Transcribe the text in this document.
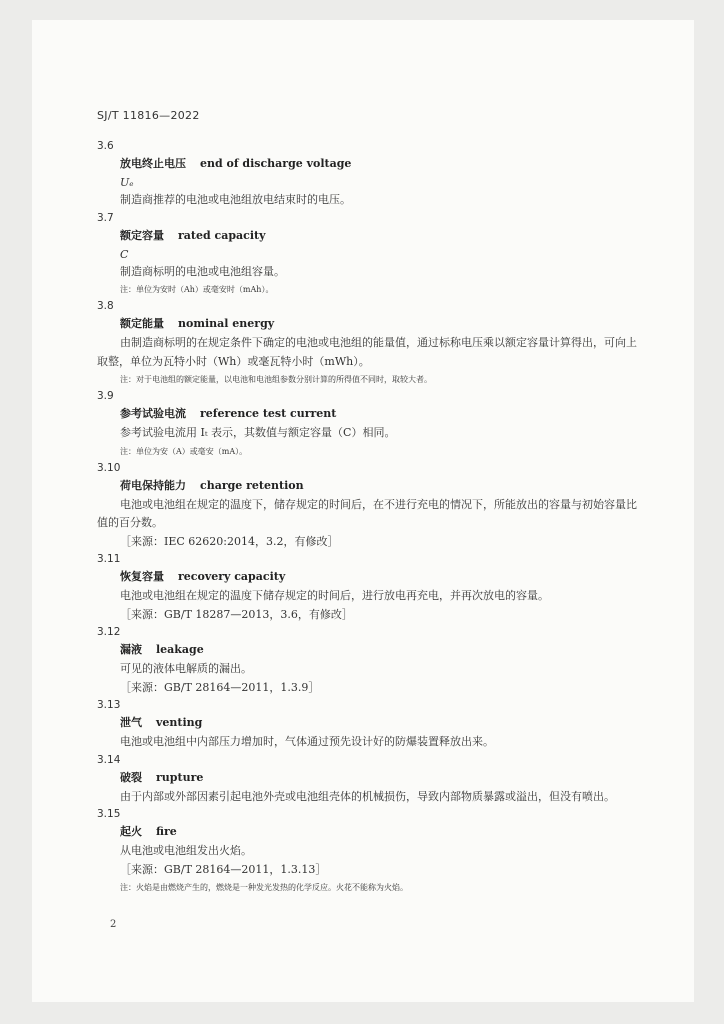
SJ/T 11816—2022
3.6
放电终止电压 end of discharge voltage
Uₑ
制造商推荐的电池或电池组放电结束时的电压。
3.7
额定容量 rated capacity
C
制造商标明的电池或电池组容量。
注：单位为安时（Ah）或毫安时（mAh）。
3.8
额定能量 nominal energy
由制造商标明的在规定条件下确定的电池或电池组的能量值，通过标称电压乘以额定容量计算得出，可向上取整，单位为瓦特小时（Wh）或毫瓦特小时（mWh）。
注：对于电池组的额定能量，以电池和电池组参数分别计算的所得值不同时，取较大者。
3.9
参考试验电流 reference test current
参考试验电流用 Iₜ 表示，其数值与额定容量（C）相同。
注：单位为安（A）或毫安（mA）。
3.10
荷电保持能力 charge retention
电池或电池组在规定的温度下，储存规定的时间后，在不进行充电的情况下，所能放出的容量与初始容量比值的百分数。
［来源：IEC 62620:2014，3.2，有修改］
3.11
恢复容量 recovery capacity
电池或电池组在规定的温度下储存规定的时间后，进行放电再充电，并再次放电的容量。
［来源：GB/T 18287—2013，3.6，有修改］
3.12
漏液 leakage
可见的液体电解质的漏出。
［来源：GB/T 28164—2011，1.3.9］
3.13
泄气 venting
电池或电池组中内部压力增加时，气体通过预先设计好的防爆装置释放出来。
3.14
破裂 rupture
由于内部或外部因素引起电池外壳或电池组壳体的机械损伤，导致内部物质暴露或溢出，但没有喷出。
3.15
起火 fire
从电池或电池组发出火焰。
［来源：GB/T 28164—2011，1.3.13］
注：火焰是由燃烧产生的，燃烧是一种发光发热的化学反应。火花不能称为火焰。
2
